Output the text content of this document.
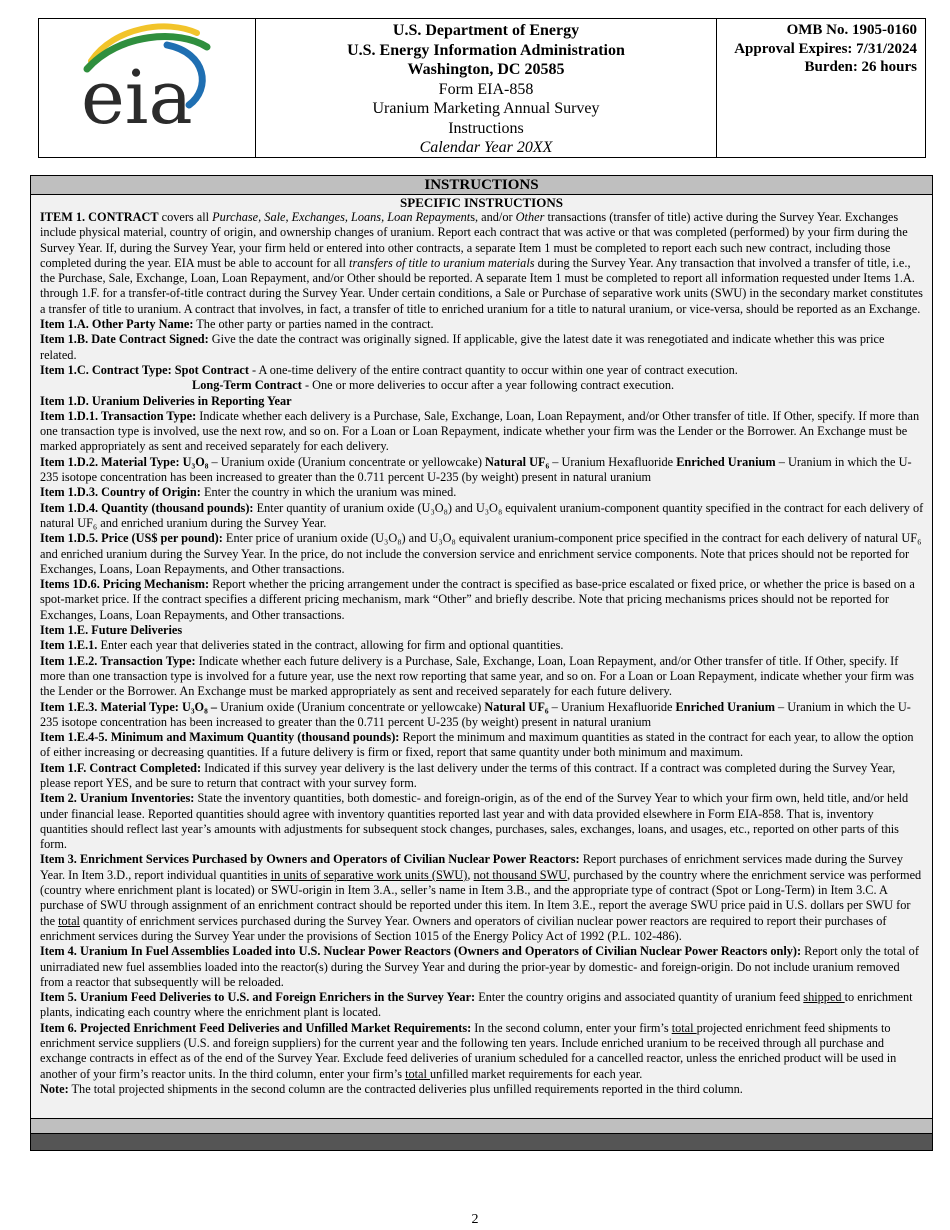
eia
U.S. Department of Energy
U.S. Energy Information Administration
Washington, DC 20585
Form EIA-858
Uranium Marketing Annual Survey
Instructions
Calendar Year 20XX
OMB No. 1905-0160
Approval Expires: 7/31/2024
Burden: 26 hours
INSTRUCTIONS
SPECIFIC INSTRUCTIONS

ITEM 1. CONTRACT covers all Purchase, Sale, Exchanges, Loans, Loan Repayments, and/or Other transactions (transfer of title) active during the Survey Year. Exchanges include physical material, country of origin, and ownership changes of uranium. Report each contract that was active or that was completed (performed) by your firm during the Survey Year. If, during the Survey Year, your firm held or entered into other contracts, a separate Item 1 must be completed to report each such new contract, including those completed during the year. EIA must be able to account for all transfers of title to uranium materials during the Survey Year. Any transaction that involved a transfer of title, i.e., the Purchase, Sale, Exchange, Loan, Loan Repayment, and/or Other should be reported. A separate Item 1 must be completed to report all information requested under Items 1.A. through 1.F. for a transfer-of-title contract during the Survey Year. Under certain conditions, a Sale or Purchase of separative work units (SWU) in the secondary market constitutes a transfer of title to uranium. A contract that involves, in fact, a transfer of title to enriched uranium for a title to natural uranium, or vice-versa, should be reported as an Exchange.

Item 1.A. Other Party Name: The other party or parties named in the contract.

Item 1.B. Date Contract Signed: Give the date the contract was originally signed. If applicable, give the latest date it was renegotiated and indicate whether this was price related.

Item 1.C. Contract Type: Spot Contract - A one-time delivery of the entire contract quantity to occur within one year of contract execution.

Long-Term Contract - One or more deliveries to occur after a year following contract execution.

Item 1.D. Uranium Deliveries in Reporting Year

Item 1.D.1. Transaction Type: Indicate whether each delivery is a Purchase, Sale, Exchange, Loan, Loan Repayment, and/or Other transfer of title. If Other, specify. If more than one transaction type is involved, use the next row, and so on. For a Loan or Loan Repayment, indicate whether your firm was the Lender or the Borrower. An Exchange must be marked appropriately as sent and received separately for each delivery.

Item 1.D.2. Material Type: U₃O₈ – Uranium oxide (Uranium concentrate or yellowcake) Natural UF₆ – Uranium Hexafluoride Enriched Uranium – Uranium in which the U-235 isotope concentration has been increased to greater than the 0.711 percent U-235 (by weight) present in natural uranium

Item 1.D.3. Country of Origin: Enter the country in which the uranium was mined.

Item 1.D.4. Quantity (thousand pounds): Enter quantity of uranium oxide (U₃O₈) and U₃O₈ equivalent uranium-component quantity specified in the contract for each delivery of natural UF₆ and enriched uranium during the Survey Year.

Item 1.D.5. Price (US$ per pound): Enter price of uranium oxide (U₃O₈) and U₃O₈ equivalent uranium-component price specified in the contract for each delivery of natural UF₆ and enriched uranium during the Survey Year. In the price, do not include the conversion service and enrichment service components. Note that prices should not be reported for Exchanges, Loans, Loan Repayments, and Other transactions.

Items 1D.6. Pricing Mechanism: Report whether the pricing arrangement under the contract is specified as base-price escalated or fixed price, or whether the price is based on a spot-market price. If the contract specifies a different pricing mechanism, mark “Other” and briefly describe. Note that pricing mechanisms prices should not be reported for Exchanges, Loans, Loan Repayments, and Other transactions.

Item 1.E. Future Deliveries

Item 1.E.1. Enter each year that deliveries stated in the contract, allowing for firm and optional quantities.

Item 1.E.2. Transaction Type: Indicate whether each future delivery is a Purchase, Sale, Exchange, Loan, Loan Repayment, and/or Other transfer of title. If Other, specify. If more than one transaction type is involved for a future year, use the next row reporting that same year, and so on. For a Loan or Loan Repayment, indicate whether your firm was the Lender or the Borrower. An Exchange must be marked appropriately as sent and received separately for each future delivery.

Item 1.E.3. Material Type: U₃O₈ – Uranium oxide (Uranium concentrate or yellowcake) Natural UF₆ – Uranium Hexafluoride Enriched Uranium – Uranium in which the U-235 isotope concentration has been increased to greater than the 0.711 percent U-235 (by weight) present in natural uranium

Item 1.E.4-5. Minimum and Maximum Quantity (thousand pounds): Report the minimum and maximum quantities as stated in the contract for each year, to allow the option of either increasing or decreasing quantities. If a future delivery is firm or fixed, report that same quantity under both minimum and maximum.

Item 1.F. Contract Completed: Indicated if this survey year delivery is the last delivery under the terms of this contract. If a contract was completed during the Survey Year, please report YES, and be sure to return that contract with your survey form.

Item 2. Uranium Inventories: State the inventory quantities, both domestic- and foreign-origin, as of the end of the Survey Year to which your firm own, held title, and/or held under financial lease. Reported quantities should agree with inventory quantities reported last year and with data provided elsewhere in Form EIA-858. That is, inventory quantities should reflect last year’s amounts with adjustments for subsequent stock changes, purchases, sales, exchanges, loans, and usages, etc., reported on other parts of this form.

Item 3. Enrichment Services Purchased by Owners and Operators of Civilian Nuclear Power Reactors: Report purchases of enrichment services made during the Survey Year. In Item 3.D., report individual quantities in units of separative work units (SWU), not thousand SWU, purchased by the country where the enrichment service was performed (country where enrichment plant is located) or SWU-origin in Item 3.A., seller’s name in Item 3.B., and the appropriate type of contract (Spot or Long-Term) in Item 3.C. A purchase of SWU through assignment of an enrichment contract should be reported under this item. In Item 3.E., report the average SWU price paid in U.S. dollars per SWU for the total quantity of enrichment services purchased during the Survey Year. Owners and operators of civilian nuclear power reactors are required to report their purchases of enrichment services during the Survey Year under the provisions of Section 1015 of the Energy Policy Act of 1992 (P.L. 102-486).

Item 4. Uranium In Fuel Assemblies Loaded into U.S. Nuclear Power Reactors (Owners and Operators of Civilian Nuclear Power Reactors only): Report only the total of unirradiated new fuel assemblies loaded into the reactor(s) during the Survey Year and during the prior-year by domestic- and foreign-origin. Do not include uranium removed from a reactor that subsequently will be reloaded.

Item 5. Uranium Feed Deliveries to U.S. and Foreign Enrichers in the Survey Year: Enter the country origins and associated quantity of uranium feed shipped to enrichment plants, indicating each country where the enrichment plant is located.

Item 6. Projected Enrichment Feed Deliveries and Unfilled Market Requirements: In the second column, enter your firm’s total projected enrichment feed shipments to enrichment service suppliers (U.S. and foreign suppliers) for the current year and the following ten years. Include enriched uranium to be received through all purchase and exchange contracts in effect as of the end of the Survey Year. Exclude feed deliveries of uranium scheduled for a cancelled reactor, unless the enriched product will be used in another of your firm’s reactor units. In the third column, enter your firm’s total unfilled market requirements for each year.

Note: The total projected shipments in the second column are the contracted deliveries plus unfilled requirements reported in the third column.

2
